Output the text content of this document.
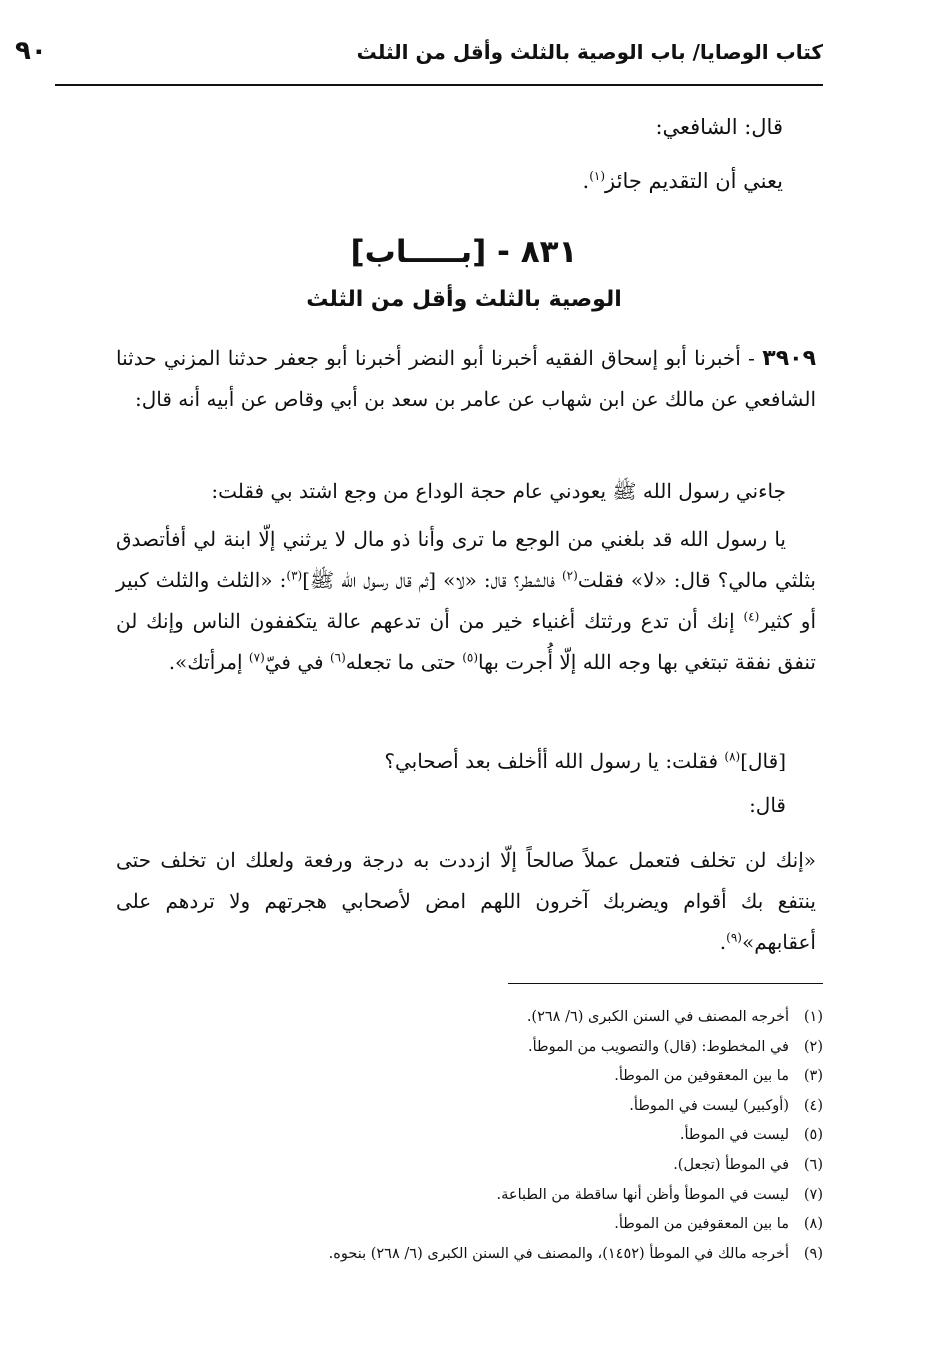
كتاب الوصايا/ باب الوصية بالثلث وأقل من الثلث
٩٠
قال: الشافعي:
يعني أن التقديم جائز$^{(١)}$.
٨٣١ - [بـــــاب]
الوصية بالثلث وأقل من الثلث
٣٩٠٩ - أخبرنا أبو إسحاق الفقيه أخبرنا أبو النضر أخبرنا أبو جعفر حدثنا المزني حدثنا الشافعي عن مالك عن ابن شهاب عن عامر بن سعد بن أبي وقاص عن أبيه أنه قال:
جاءني رسول الله ﷺ يعودني عام حجة الوداع من وجع اشتد بي فقلت:
يا رسول الله قد بلغني من الوجع ما ترى وأنا ذو مال لا يرثني إلّا ابنة لي أفأتصدق بثلثي مالي؟ قال: «لا» فقلت$^{(٢)}$ فالشطر؟ قال: «لا» [ثم قال رسول الله ﷺ]$^{(٣)}$: «الثلث والثلث كبير أو كثير$^{(٤)}$ إنك أن تدع ورثتك أغنياء خير من أن تدعهم عالة يتكففون الناس وإنك لن تنفق نفقة تبتغي بها وجه الله إلّا أُجرت بها$^{(٥)}$ حتى ما تجعله$^{(٦)}$ في فيّ$^{(٧)}$ إمرأتك».
[قال]$^{(٨)}$ فقلت: يا رسول الله أأخلف بعد أصحابي؟
قال:
«إنك لن تخلف فتعمل عملاً صالحاً إلّا ازددت به درجة ورفعة ولعلك ان تخلف حتى ينتفع بك أقوام ويضربك آخرون اللهم امض لأصحابي هجرتهم ولا تردهم على أعقابهم»$^{(٩)}$.
(١)أخرجه المصنف في السنن الكبرى (٦/ ٢٦٨).
(٢)في المخطوط: (قال) والتصويب من الموطأ.
(٣)ما بين المعقوفين من الموطأ.
(٤)(أوكبير) ليست في الموطأ.
(٥)ليست في الموطأ.
(٦)في الموطأ (تجعل).
(٧)ليست في الموطأ وأظن أنها ساقطة من الطباعة.
(٨)ما بين المعقوفين من الموطأ.
(٩)أخرجه مالك في الموطأ (١٤٥٢)، والمصنف في السنن الكبرى (٦/ ٢٦٨) بنحوه.
